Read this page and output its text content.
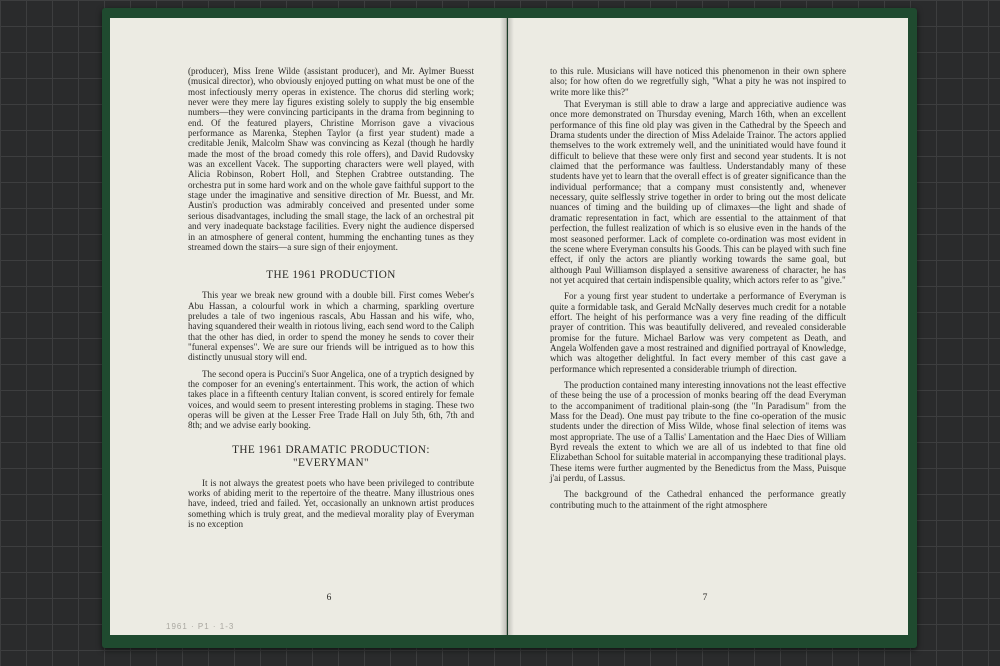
(producer), Miss Irene Wilde (assistant producer), and Mr. Aylmer Buesst (musical director), who obviously enjoyed putting on what must be one of the most infectiously merry operas in existence. The chorus did sterling work; never were they mere lay figures existing solely to supply the big ensemble numbers—they were convincing participants in the drama from beginning to end. Of the featured players, Christine Morrison gave a vivacious performance as Marenka, Stephen Taylor (a first year student) made a creditable Jenik, Malcolm Shaw was convincing as Kezal (though he hardly made the most of the broad comedy this role offers), and David Rudovsky was an excellent Vacek. The supporting characters were well played, with Alicia Robinson, Robert Holl, and Stephen Crabtree outstanding. The orchestra put in some hard work and on the whole gave faithful support to the stage under the imaginative and sensitive direction of Mr. Buesst, and Mr. Austin's production was admirably conceived and presented under some serious disadvantages, including the small stage, the lack of an orchestral pit and very inadequate backstage facilities. Every night the audience dispersed in an atmosphere of general content, humming the enchanting tunes as they streamed down the stairs—a sure sign of their enjoyment.

THE 1961 PRODUCTION

This year we break new ground with a double bill. First comes Weber's Abu Hassan, a colourful work in which a charming, sparkling overture preludes a tale of two ingenious rascals, Abu Hassan and his wife, who, having squandered their wealth in riotous living, each send word to the Caliph that the other has died, in order to spend the money he sends to cover their "funeral expenses". We are sure our friends will be intrigued as to how this distinctly unusual story will end.

The second opera is Puccini's Suor Angelica, one of a tryptich designed by the composer for an evening's entertainment. This work, the action of which takes place in a fifteenth century Italian convent, is scored entirely for female voices, and would seem to present interesting problems in staging. These two operas will be given at the Lesser Free Trade Hall on July 5th, 6th, 7th and 8th; and we advise early booking.

THE 1961 DRAMATIC PRODUCTION:
"EVERYMAN"

It is not always the greatest poets who have been privileged to contribute works of abiding merit to the repertoire of the theatre. Many illustrious ones have, indeed, tried and failed. Yet, occasionally an unknown artist produces something which is truly great, and the medieval morality play of Everyman is no exception

6
1961 · P1 · 1-3

to this rule. Musicians will have noticed this phenomenon in their own sphere also; for how often do we regretfully sigh, "What a pity he was not inspired to write more like this?"

That Everyman is still able to draw a large and appreciative audience was once more demonstrated on Thursday evening, March 16th, when an excellent performance of this fine old play was given in the Cathedral by the Speech and Drama students under the direction of Miss Adelaide Trainor. The actors applied themselves to the work extremely well, and the uninitiated would have found it difficult to believe that these were only first and second year students. It is not claimed that the performance was faultless. Understandably many of these students have yet to learn that the overall effect is of greater significance than the individual performance; that a company must consistently and, whenever necessary, quite selflessly strive together in order to bring out the most delicate nuances of timing and the building up of climaxes—the light and shade of dramatic representation in fact, which are essential to the attainment of that perfection, the fullest realization of which is so elusive even in the hands of the most seasoned performer. Lack of complete co-ordination was most evident in the scene where Everyman consults his Goods. This can be played with such fine effect, if only the actors are pliantly working towards the same goal, but although Paul Williamson displayed a sensitive awareness of character, he has not yet acquired that certain indispensible quality, which actors refer to as "give."

For a young first year student to undertake a performance of Everyman is quite a formidable task, and Gerald McNally deserves much credit for a notable effort. The height of his performance was a very fine reading of the difficult prayer of contrition. This was beautifully delivered, and revealed considerable promise for the future. Michael Barlow was very competent as Death, and Angela Wolfenden gave a most restrained and dignified portrayal of Knowledge, which was altogether delightful. In fact every member of this cast gave a performance which represented a considerable triumph of direction.

The production contained many interesting innovations not the least effective of these being the use of a procession of monks bearing off the dead Everyman to the accompaniment of traditional plain-song (the "In Paradisum" from the Mass for the Dead). One must pay tribute to the fine co-operation of the music students under the direction of Miss Wilde, whose final selection of items was most appropriate. The use of a Tallis' Lamentation and the Haec Dies of William Byrd reveals the extent to which we are all of us indebted to that fine old Elizabethan School for suitable material in accompanying these traditional plays. These items were further augmented by the Benedictus from the Mass, Puisque j'ai perdu, of Lassus.

The background of the Cathedral enhanced the performance greatly contributing much to the attainment of the right atmosphere

7
